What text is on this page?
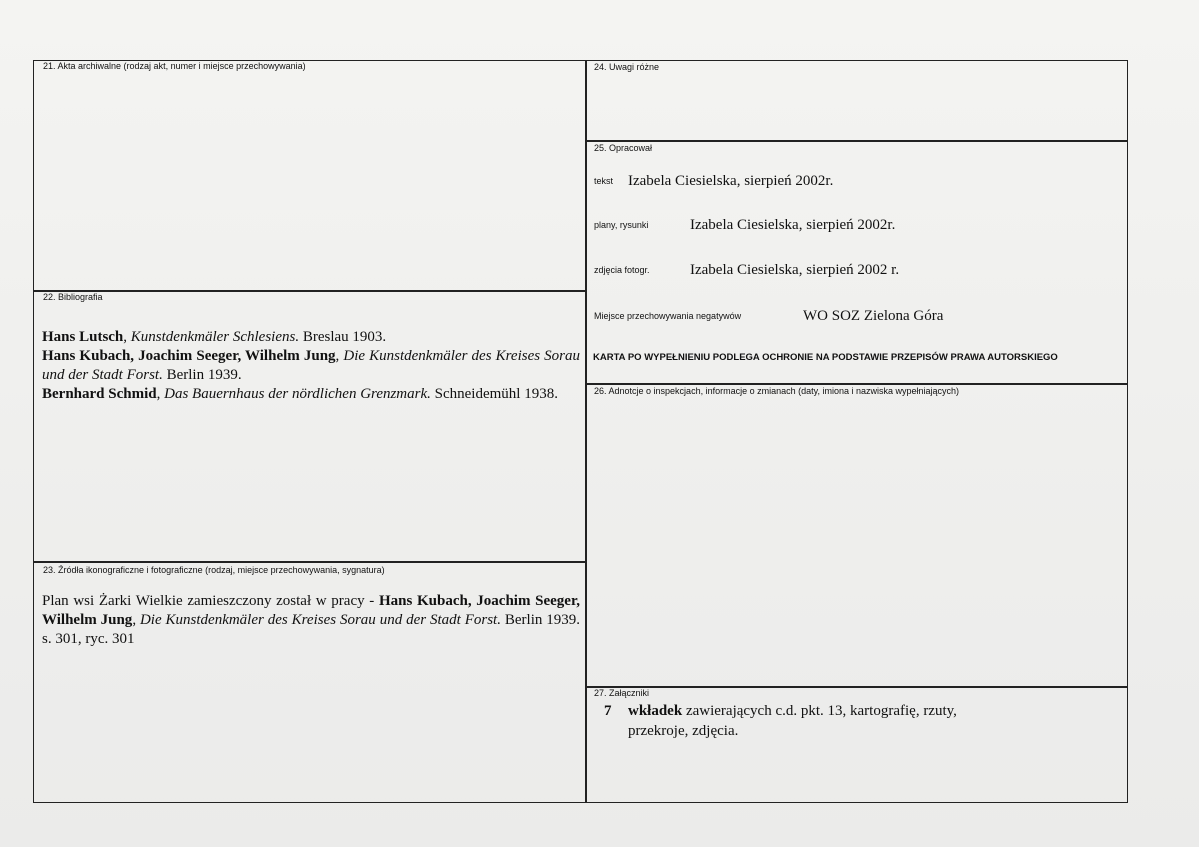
21. Akta archiwalne (rodzaj akt, numer i miejsce przechowywania)
22. Bibliografia

Hans Lutsch, Kunstdenkmäler Schlesiens. Breslau 1903.

Hans Kubach, Joachim Seeger, Wilhelm Jung, Die Kunstdenkmäler des Kreises Sorau und der Stadt Forst. Berlin 1939.

Bernhard Schmid, Das Bauernhaus der nördlichen Grenzmark. Schneidemühl 1938.

23. Źródła ikonograficzne i fotograficzne (rodzaj, miejsce przechowywania, sygnatura)
Plan wsi Żarki Wielkie zamieszczony został w pracy - Hans Kubach, Joachim Seeger, Wilhelm Jung, Die Kunstdenkmäler des Kreises Sorau und der Stadt Forst. Berlin 1939. s. 301, ryc. 301
24. Uwagi różne
25. Opracował
tekst Izabela Ciesielska, sierpień 2002r.
plany, rysunki	Izabela Ciesielska, sierpień 2002r.
zdjęcia fotogr.	Izabela Ciesielska, sierpień 2002 r.
Miejsce przechowywania negatywów	WO SOZ Zielona Góra
KARTA PO WYPEŁNIENIU PODLEGA OCHRONIE NA PODSTAWIE PRZEPISÓW PRAWA AUTORSKIEGO
26. Adnotcje o inspekcjach, informacje o zmianach (daty, imiona i nazwiska wypełniających)
27. Załączniki
7 wkładek zawierających c.d. pkt. 13, kartografię, rzuty,
przekroje, zdjęcia.
